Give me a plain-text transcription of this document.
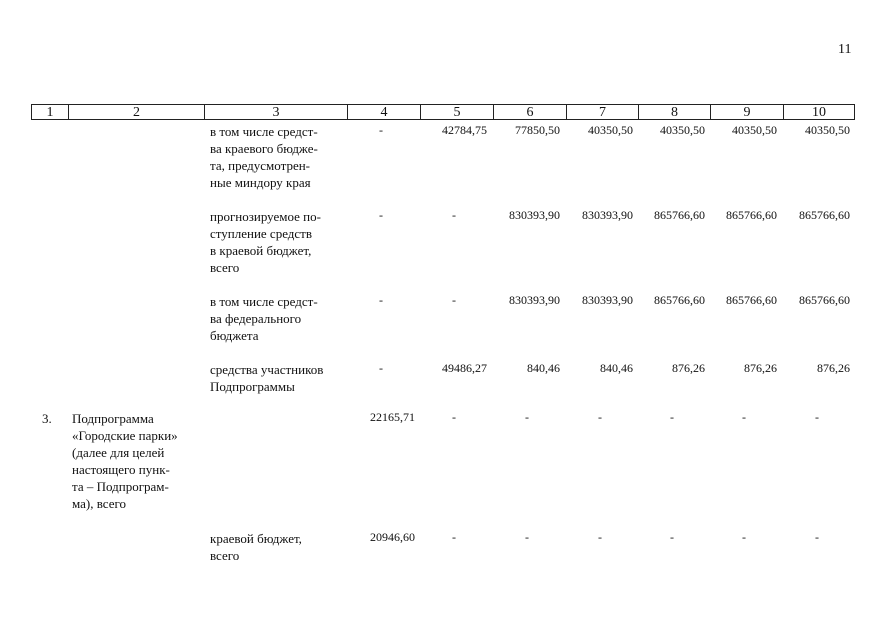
11
1	2	3	4	5	6	7	8	9	10
в том числе средст-
ва краевого бюдже-
та, предусмотрен-
ные миндору края
-	42784,75	77850,50	40350,50	40350,50	40350,50	40350,50
прогнозируемое по-
ступление средств
в краевой бюджет,
всего
-	-	830393,90	830393,90	865766,60	865766,60	865766,60
в том числе средст-
ва федерального
бюджета
-	-	830393,90	830393,90	865766,60	865766,60	865766,60
средства участников
Подпрограммы
-	49486,27	840,46	840,46	876,26	876,26	876,26
3. Подпрограмма
«Городские парки»
(далее для целей
настоящего пунк-
та – Подпрограм-
ма), всего
22165,71	-	-	-	-	-	-
краевой бюджет,
всего
20946,60	-	-	-	-	-	-
